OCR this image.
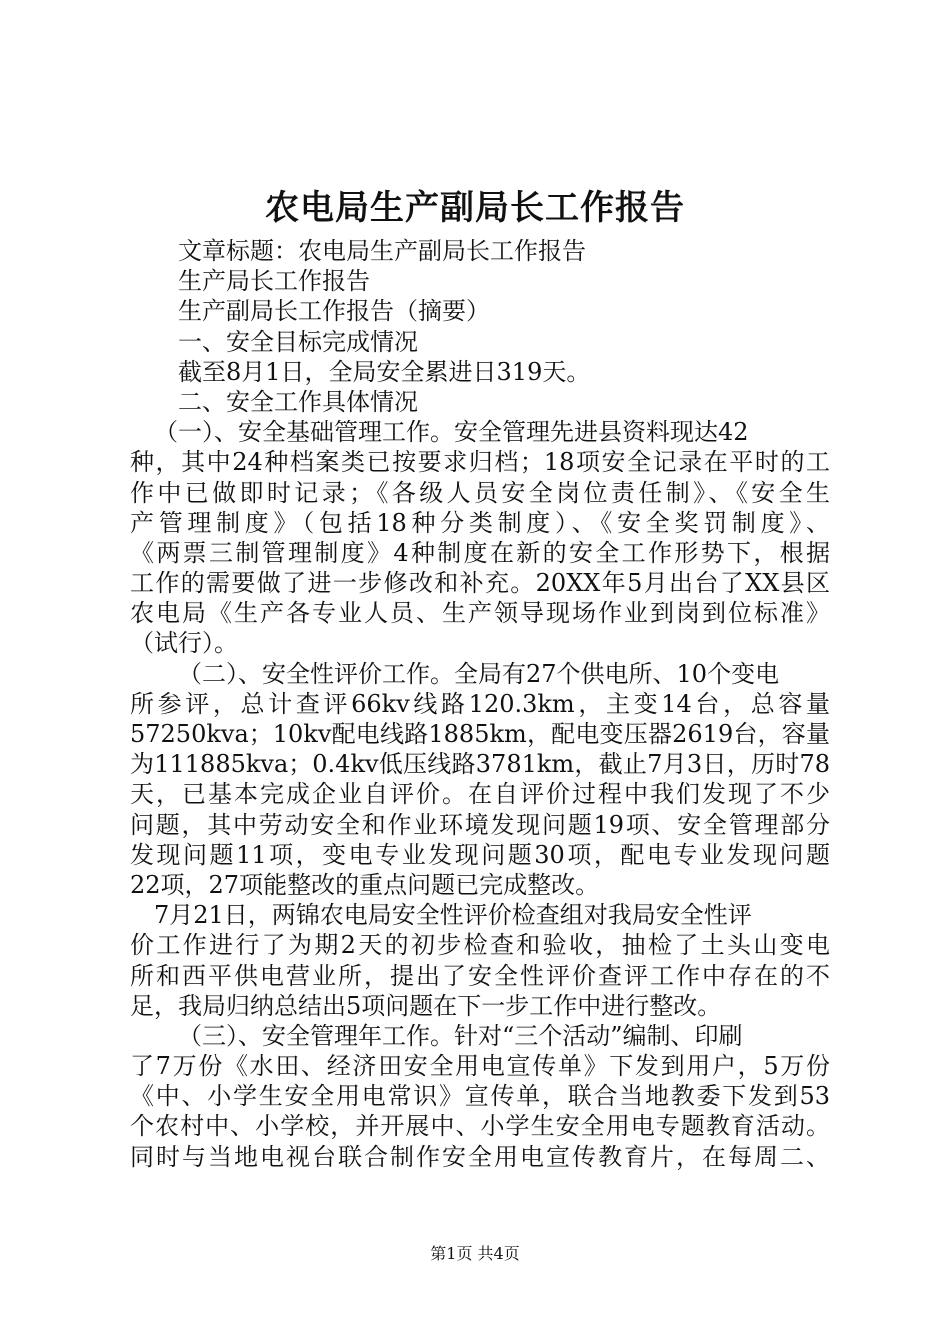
农电局生产副局长工作报告
文章标题：农电局生产副局长工作报告
生产局长工作报告
生产副局长工作报告（摘要）
一、安全目标完成情况
截至8月1日，全局安全累进日319天。
二、安全工作具体情况
（一）、安全基础管理工作。安全管理先进县资料现达42
种，其中24种档案类已按要求归档；18项安全记录在平时的工
作中已做即时记录；《各级人员安全岗位责任制》、《安全生
产管理制度》（包括18种分类制度）、《安全奖罚制度》、
《两票三制管理制度》4种制度在新的安全工作形势下，根据
工作的需要做了进一步修改和补充。20XX年5月出台了XX县区
农电局《生产各专业人员、生产领导现场作业到岗到位标准》
（试行）。
（二）、安全性评价工作。全局有27个供电所、10个变电
所参评，总计查评66kv线路120.3km，主变14台，总容量
57250kva；10kv配电线路1885km，配电变压器2619台，容量
为111885kva；0.4kv低压线路3781km，截止7月3日，历时78
天，已基本完成企业自评价。在自评价过程中我们发现了不少
问题，其中劳动安全和作业环境发现问题19项、安全管理部分
发现问题11项，变电专业发现问题30项，配电专业发现问题
22项，27项能整改的重点问题已完成整改。
7月21日，两锦农电局安全性评价检查组对我局安全性评
价工作进行了为期2天的初步检查和验收，抽检了土头山变电
所和西平供电营业所，提出了安全性评价查评工作中存在的不
足，我局归纳总结出5项问题在下一步工作中进行整改。
（三）、安全管理年工作。针对“三个活动”编制、印刷
了7万份《水田、经济田安全用电宣传单》下发到用户，5万份
《中、小学生安全用电常识》宣传单，联合当地教委下发到53
个农村中、小学校，并开展中、小学生安全用电专题教育活动。
同时与当地电视台联合制作安全用电宣传教育片，在每周二、
第1页 共4页
